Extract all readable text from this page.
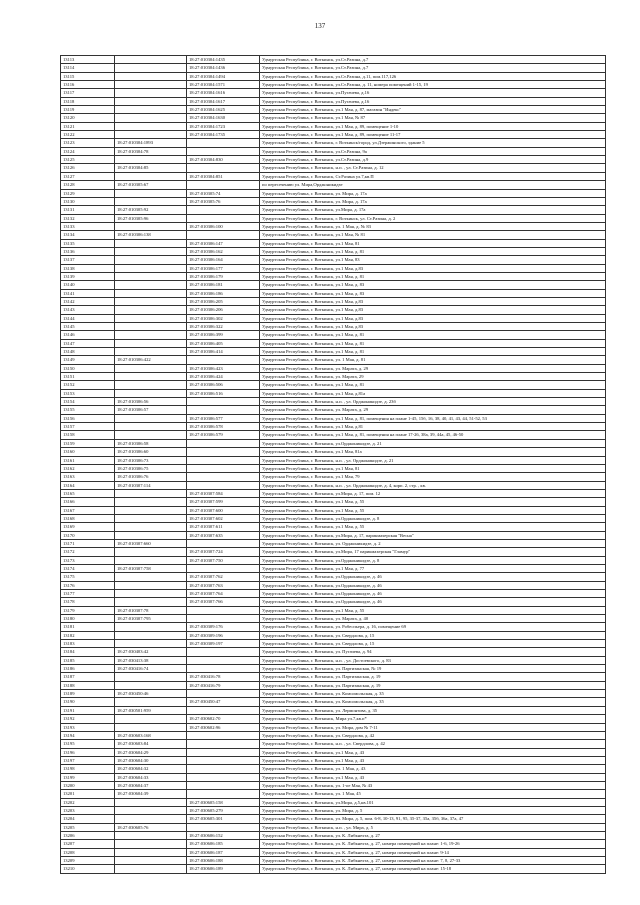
137
13113		18:27:010304:1435	Удмуртская Республика, г. Воткинск, ул.Ст.Разина, д.7
13114		18:27:010304:1436	Удмуртская Республика, г. Воткинск, ул.Ст.Разина, д.7
13115		18:27:010304:1494	Удмуртская Республика, г. Воткинск, ул.Ст.Разина, д.11, пом.117,126
13116		18:27:010304:1571	Удмуртская Республика, г. Воткинск, ул.Ст.Разина, д. 11, номера помещений 1-15, 19
13117		18:27:010304:1616	Удмуртская Республика, г. Воткинск, ул.Пугачева, д.16
13118		18:27:010304:1617	Удмуртская Республика, г. Воткинск, ул.Пугачева, д.16
13119		18:27:010304:1625	Удмуртская Республика, г. Воткинск, ул.1 Мая, д. 87, магазин "Индекс"
13120		18:27:010304:1630	Удмуртская Республика, г. Воткинск, ул.1 Мая, № 87
13121		18:27:010304:1723	Удмуртская Республика, г. Воткинск, ул.1 Мая, д. 89, помещение 1-10
13122		18:27:010304:1735	Удмуртская Республика, г. Воткинск, ул.1 Мая, д. 89, помещение 11-17
13123	18:27:010304:1893		Удмуртская Республика, г. Воткинск, г. Воткинск/город, ул.Дзержинского, здание 5
13124	18:27:010304:78		Удмуртская Республика, г. Воткинск, ул.Ст.Разина, 9а
13125		18:27:010304:830	Удмуртская Республика, г. Воткинск, ул.Ст.Разина, д.9
13126	18:27:010304:85		Удмуртская Республика, г. Воткинск, н.п. , ул. Ст.Разина, д. 12
13127		18:27:010304:851	Удмуртская Республика, г. Воткинск, Ст.Разина ул.7,кв.П
13128	18:27:010305:67		по пересечению ул. Мира,Орджоникидзе
13129		18:27:010305:74	Удмуртская Республика, г. Воткинск, ул. Мира, д. 17а
13130		18:27:010305:76	Удмуртская Республика, г. Воткинск, ул. Мира, д. 17а
13131	18:27:010305:92		Удмуртская Республика, г. Воткинск, ул.Мира, д. 17а
13132	18:27:010305:96		Удмуртская Республика, г. Воткинск, г. Воткинск, ул. Ст.Разина, д. 2
13133		18:27:010306:100	Удмуртская Республика, г. Воткинск, ул. 1 Мая, д. № 83
13134	18:27:010306:138		Удмуртская Республика, г. Воткинск, ул.1 Мая, № 81
13135		18:27:010306:147	Удмуртская Республика, г. Воткинск, ул.1 Мая, 81
13136		18:27:010306:162	Удмуртская Республика, г. Воткинск, ул.1 Мая, д. 81
13137		18:27:010306:164	Удмуртская Республика, г. Воткинск, ул.1 Мая, 83
13138		18:27:010306:177	Удмуртская Республика, г. Воткинск, ул.1 Мая, д.83
13139		18:27:010306:179	Удмуртская Республика, г. Воткинск, ул.1 Мая, д. 81
13140		18:27:010306:181	Удмуртская Республика, г. Воткинск, ул.1 Мая, д. 83
13141		18:27:010306:186	Удмуртская Республика, г. Воткинск, ул.1 Мая, д. 83
13142		18:27:010306:205	Удмуртская Республика, г. Воткинск, ул.1 Мая, д.83
13143		18:27:010306:206	Удмуртская Республика, г. Воткинск, ул.1 Мая, д.83
13144		18:27:010306:302	Удмуртская Республика, г. Воткинск, ул.1 Мая, д.83
13145		18:27:010306:322	Удмуртская Республика, г. Воткинск, ул.1 Мая, д.83
13146		18:27:010306:399	Удмуртская Республика, г. Воткинск, ул.1 Мая, д. 81
13147		18:27:010306:405	Удмуртская Республика, г. Воткинск, ул.1 Мая, д. 81
13148		18:27:010306:414	Удмуртская Республика, г. Воткинск, ул.1 Мая, д. 81
13149	18:27:010306:422		Удмуртская Республика, г. Воткинск, ул. 1 Мая, д. 81
13150		18:27:010306:423	Удмуртская Республика, г. Воткинск, ул. Марата, д. 29
13151		18:27:010306:424	Удмуртская Республика, г. Воткинск, ул. Марата, 29
13152		18:27:010306:506	Удмуртская Республика, г. Воткинск, ул.1 Мая, д. 81
13153		18:27:010306:516	Удмуртская Республика, г. Воткинск, ул.1 Мая, д.81а
13154	18:27:010306:56		Удмуртская Республика, г. Воткинск, н.п. , ул. Орджоникидзе, д. 23б
13155	18:27:010306:57		Удмуртская Республика, г. Воткинск, ул. Марата, д. 29
13156		18:27:010306:577	Удмуртская Республика, г. Воткинск, ул.1 Мая, д. 81, помещения на плане 1-45, 15б, 16, 38, 40, 41, 43, 44, 51-52, 53
13157		18:27:010306:578	Удмуртская Республика, г. Воткинск, ул.1 Мая, д.81
13158		18:27:010306:579	Удмуртская Республика, г. Воткинск, ул.1 Мая, д. 81, помещения на плане 17-26, 38а, 39, 44а, 45, 46-50
13159	18:27:010306:58		Удмуртская Республика, г. Воткинск, ул.Орджоникидзе, д. 21
13160	18:27:010306:60		Удмуртская Республика, г. Воткинск, ул.1 Мая, 81а
13161	18:27:010306:73		Удмуртская Республика, г. Воткинск, н.п. , ул. Орджоникидзе, д. 21
13162	18:27:010306:75		Удмуртская Республика, г. Воткинск, ул.1 Мая, 81
13163	18:27:010306:76		Удмуртская Республика, г. Воткинск, ул.1 Мая, 79
13164	18:27:010307:114		Удмуртская Республика, г. Воткинск, н.п. , ул. Орджоникидзе, д. 4, корп. 2, стр. , кв.
13165		18:27:010307:584	Удмуртская Республика, г. Воткинск, ул.Мира, д. 17, пом. 12
13166		18:27:010307:599	Удмуртская Республика, г. Воткинск, ул.1 Мая, д. 55
13167		18:27:010307:600	Удмуртская Республика, г. Воткинск, ул.1 Мая, д. 55
13168		18:27:010307:602	Удмуртская Республика, г. Воткинск, ул.Орджоникидзе, д. 8
13169		18:27:010307:611	Удмуртская Республика, г. Воткинск, ул.1 Мая, д. 55
13170		18:27:010307:635	Удмуртская Республика, г. Воткинск, ул.Мира, д. 17, парикмахерская "Весна"
13171	18:27:010307:660		Удмуртская Республика, г. Воткинск, ул. Орджоникидзе, д. 2
13172		18:27:010307:724	Удмуртская Республика, г. Воткинск, ул.Мира, 17 парикмахерская "Гламур"
13173		18:27:010307:750	Удмуртская Республика, г. Воткинск, ул.Орджоникидзе, д. 8
13174	18:27:010307:758		Удмуртская Республика, г. Воткинск, ул.1 Мая, д. 77
13175		18:27:010307:762	Удмуртская Республика, г. Воткинск, ул.Орджоникидзе, д. 46
13176		18:27:010307:763	Удмуртская Республика, г. Воткинск, ул.Орджоникидзе, д. 46
13177		18:27:010307:764	Удмуртская Республика, г. Воткинск, ул.Орджоникидзе, д. 46
13178		18:27:010307:766	Удмуртская Республика, г. Воткинск, ул.Орджоникидзе, д. 46
13179	18:27:010307:78		Удмуртская Республика, г. Воткинск, ул.1 Мая, д. 55
13180	18:27:010307:795		Удмуртская Республика, г. Воткинск, ул. Марата, д. 40
13181		18:27:030309:176	Удмуртская Республика, г. Воткинск, ул. Робеспьера, д. 16, помещение 69
13182		18:27:030309:196	Удмуртская Республика, г. Воткинск, ул. Свердлова, д. 15
13183		18:27:030309:197	Удмуртская Республика, г. Воткинск, ул. Свердлова, д. 15
13184	18:27:030403:42		Удмуртская Республика, г. Воткинск, ул. Пугачева, д. 94
13185	18:27:030413:38		Удмуртская Республика, г. Воткинск, н.п. , ул. Достоевского, д. 83
13186	18:27:030416:74		Удмуртская Республика, г. Воткинск, ул. Партизанская, № 19
13187		18:27:030416:78	Удмуртская Республика, г. Воткинск, ул. Партизанская, д. 19
13188		18:27:030416:79	Удмуртская Республика, г. Воткинск, ул. Партизанская, д. 19
13189	18:27:030450:46		Удмуртская Республика, г. Воткинск, ул. Комсомольская, д. 35
13190		18:27:030450:47	Удмуртская Республика, г. Воткинск, ул. Комсомольская, д. 35
13191	18:27:030501:959		Удмуртская Республика, г. Воткинск, ул. Лермонтова, д. 35
13192		18:27:030602:70	Удмуртская Республика, г. Воткинск, Мира ул.7,кв.п*
13193		18:27:030602:96	Удмуртская Республика, г. Воткинск, ул. Мира, дом № 7-11
13194	18:27:030603:168		Удмуртская Республика, г. Воткинск, ул. Свердлова, д. 42
13195	18:27:030603:84		Удмуртская Республика, г. Воткинск, н.п. , ул. Свердлова, д. 42
13196	18:27:030604:29		Удмуртская Республика, г. Воткинск, ул.1 Мая, д. 43
13197	18:27:030604:30		Удмуртская Республика, г. Воткинск, ул.1 Мая, д. 43
13198	18:27:030604:32		Удмуртская Республика, г. Воткинск, ул. 1 Мая, д. 43
13199	18:27:030604:33		Удмуртская Республика, г. Воткинск, ул.1 Мая, д. 43
13200	18:27:030604:37		Удмуртская Республика, г. Воткинск, ул. 1-ое Мая, № 43
13201	18:27:030604:39		Удмуртская Республика, г. Воткинск, ул. 1 Мая, 45
13202		18:27:030605:158	Удмуртская Республика, г. Воткинск, ул.Мира, д.5,кв.101
13203		18:27:030605:279	Удмуртская Республика, г. Воткинск, ул. Мира, д. 5
13204		18:27:030605:301	Удмуртская Республика, г. Воткинск, ул. Мира, д. 5, пом. 6-8, 10-13, 91, 95, 35-37, 35а, 35б, 36а, 37а, 47
13205	18:27:030605:76		Удмуртская Республика, г. Воткинск, н.п. , ул. Мира, д. 5
13206		18:27:030606:152	Удмуртская Республика, г. Воткинск, ул. К. Либкнехта, д. 27
13207		18:27:030606:185	Удмуртская Республика, г. Воткинск, ул. К. Либкнехта, д. 27, номера помещений на плане: 1-6, 19-26
13208		18:27:030606:187	Удмуртская Республика, г. Воткинск, ул. К. Либкнехта, д. 27, номера помещений на плане: 9-14
13209		18:27:030606:188	Удмуртская Республика, г. Воткинск, ул. К. Либкнехта, д. 27, номера помещений на плане: 7, 8, 27-33
13210		18:27:030606:189	Удмуртская Республика, г. Воткинск, ул. К. Либкнехта, д. 27, номера помещений на плане: 15-18
